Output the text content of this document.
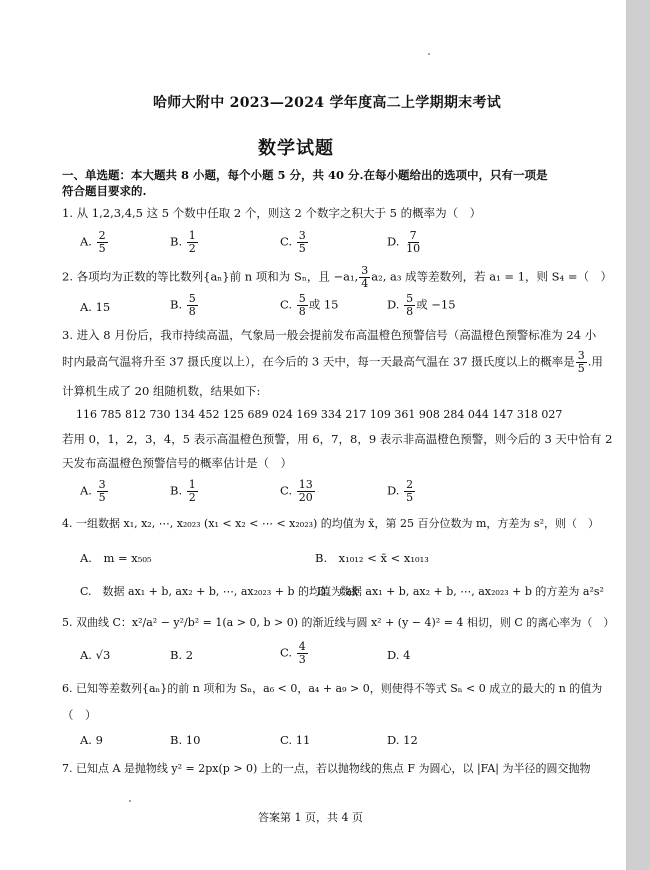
哈师大附中 2023—2024 学年度高二上学期期末考试
数学试题
一、单选题：本大题共 8 小题，每个小题 5 分，共 40 分.在每小题给出的选项中，只有一项是
符合题目要求的.
1. 从 1,2,3,4,5 这 5 个数中任取 2 个，则这 2 个数字之积大于 5 的概率为（　）
A. $\frac{2}{5}$	B. $\frac{1}{2}$	C. $\frac{3}{5}$	D. $\frac{7}{10}$
2. 各项均为正数的等比数列{aₙ}前 n 项和为 Sₙ，且 −a₁, $\frac{3}{4} a_2$, a₃ 成等差数列，若 a₁ = 1，则 S₄ =（　）
A. 15	B. $\frac{5}{8}$	C. $\frac{5}{8}$ 或 15	D. $\frac{5}{8}$ 或 −15
3. 进入 8 月份后，我市持续高温，气象局一般会提前发布高温橙色预警信号（高温橙色预警标准为 24 小
时内最高气温将升至 37 摄氏度以上），在今后的 3 天中，每一天最高气温在 37 摄氏度以上的概率是 $\frac{3}{5}$ .用
计算机生成了 20 组随机数，结果如下:
116 785 812 730 134 452 125 689 024 169 334 217 109 361 908 284 044 147 318 027
若用 0，1，2，3，4，5 表示高温橙色预警，用 6，7，8，9 表示非高温橙色预警，则今后的 3 天中恰有 2
天发布高温橙色预警信号的概率估计是（　）
A. $\frac{3}{5}$	B. $\frac{1}{2}$	C. $\frac{13}{20}$	D. $\frac{2}{5}$
4. 一组数据 x₁, x₂, ⋯, x₂₀₂₃ (x₁ < x₂ < ⋯ < x₂₀₂₃) 的均值为 x̄，第 25 百分位数为 m，方差为 s²，则（　）
A.　m = x₅₀₅	B.　x₁₀₁₂ < x̄ < x₁₀₁₃
C.　数据 ax₁ + b, ax₂ + b, ⋯, ax₂₀₂₃ + b 的均值为 ax̄
D.　数据 ax₁ + b, ax₂ + b, ⋯, ax₂₀₂₃ + b 的方差为 a²s²
5. 双曲线 C：x²/a² − y²/b² = 1(a > 0, b > 0) 的渐近线与圆 x² + (y − 4)² = 4 相切，则 C 的离心率为（　）
A. √3	B. 2	C. $\frac{4}{3}$	D. 4
6. 已知等差数列{aₙ}的前 n 项和为 Sₙ，a₆ < 0，a₄ + a₉ > 0，则使得不等式 Sₙ < 0 成立的最大的 n 的值为
（　）
A. 9	B. 10	C. 11	D. 12
7. 已知点 A 是抛物线 y² = 2px(p > 0) 上的一点，若以抛物线的焦点 F 为圆心，以 |FA| 为半径的圆交抛物
答案第 1 页，共 4 页
